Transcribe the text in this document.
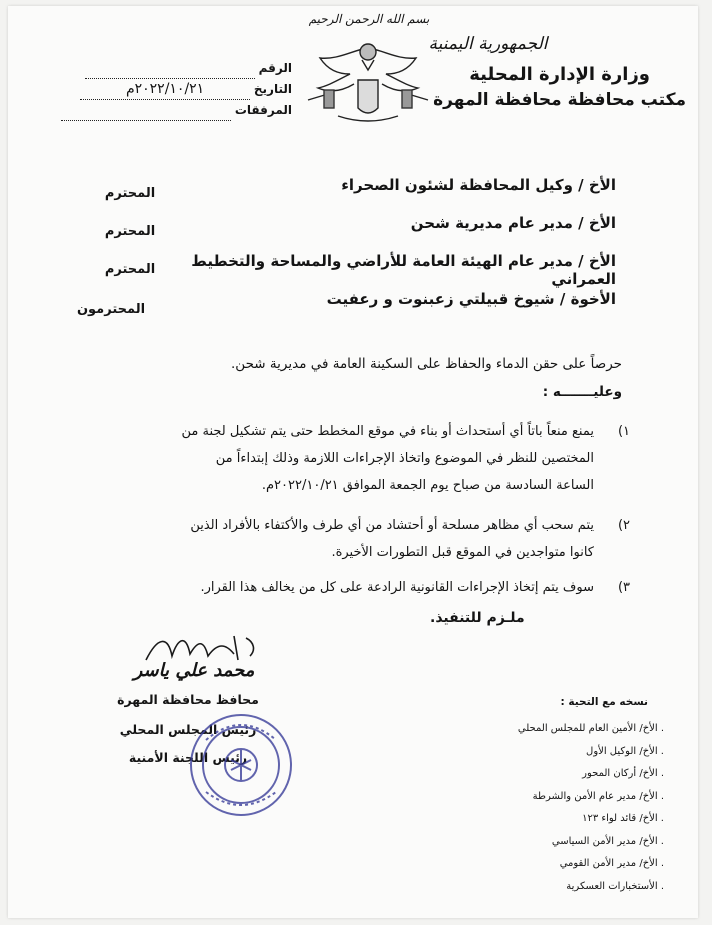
الجمهورية اليمنية
وزارة الإدارة المحلية
مكتب محافظة محافظة المهرة
بسم الله الرحمن الرحيم
الرقم
التاريخ ٢٠٢٢/١٠/٢١م
المرفقات
الأخ / وكيل المحافظة لشئون الصحراء
المحترم
الأخ / مدير عام مديرية شحن
المحترم
الأخ / مدير عام الهيئة العامة للأراضي والمساحة والتخطيط العمراني
المحترم
الأخوة / شيوخ قبيلتي زعبنوت و رعفيت
المحترمون
حرصاً على حقن الدماء والحفاظ على السكينة العامة في مديرية شحن.
وعليـــــــه :
١)
يمنع منعاً باتاً أي أستحداث أو بناء في موقع المخطط حتى يتم تشكيل لجنة من
المختصين للنظر في الموضوع واتخاذ الإجراءات اللازمة وذلك إبتداءاً من
الساعة السادسة من صباح يوم الجمعة الموافق ٢٠٢٢/١٠/٢١م.
٢)
يتم سحب أي مظاهر مسلحة أو أحتشاد من أي طرف والأكتفاء بالأفراد الذين
كانوا متواجدين في الموقع قبل التطورات الأخيرة.
٣)
سوف يتم إتخاذ الإجراءات القانونية الرادعة على كل من يخالف هذا القرار.
ملـزم للتنفيذ.
محمد علي ياسر
محافظ محافظة المهرة
رئيس المجلس المحلي
رئيس اللجنة الأمنية
نسخه مع التحية :
. الأخ/ الأمين العام للمجلس المحلي
. الأخ/ الوكيل الأول
. الأخ/ أركان المحور
. الأخ/ مدير عام الأمن والشرطة
. الأخ/ قائد لواء ١٢٣
. الأخ/ مدير الأمن السياسي
. الأخ/ مدير الأمن القومي
. الأستخبارات العسكرية
